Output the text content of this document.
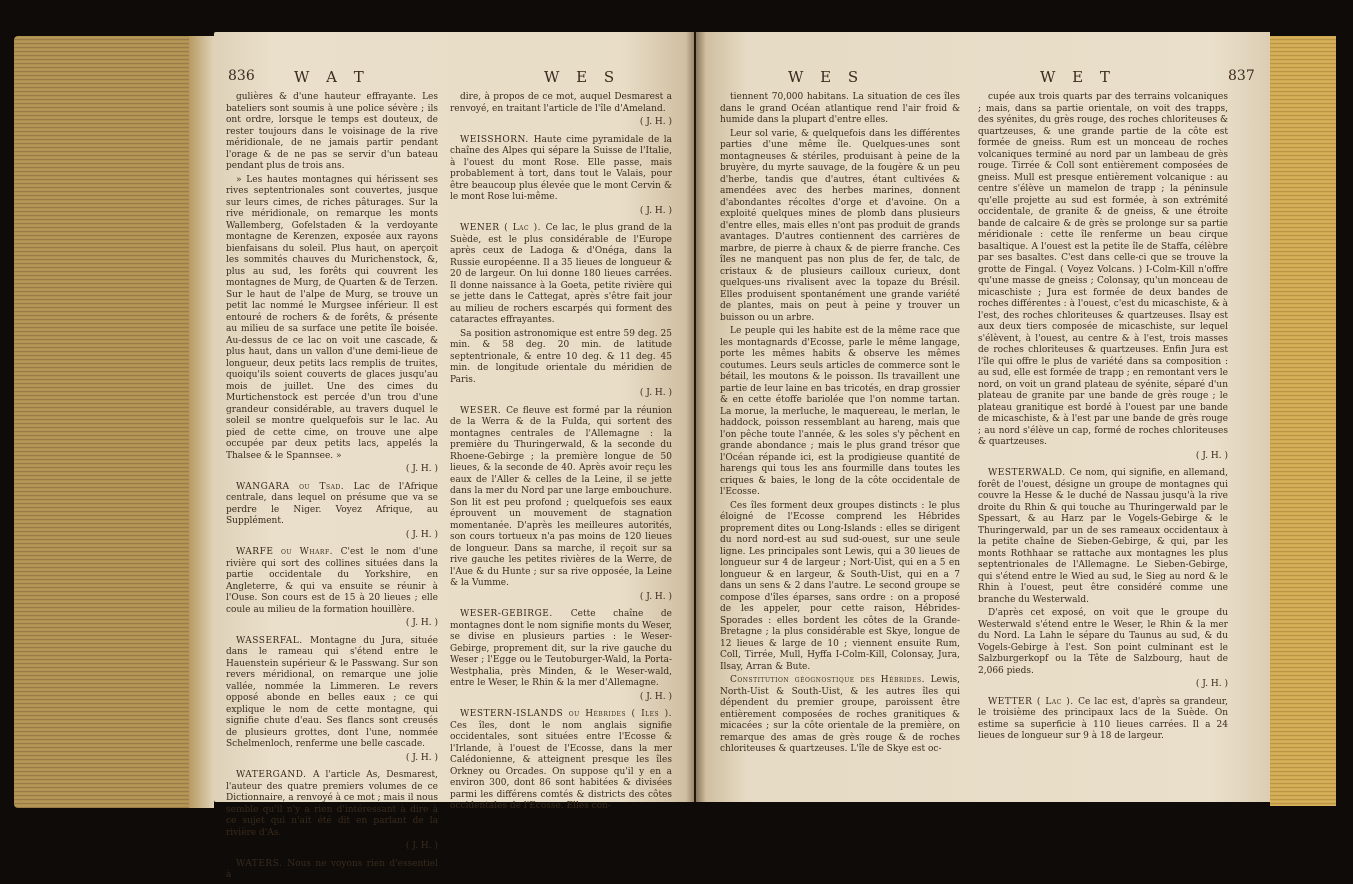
836	W A T	W E S

gulières & d'une hauteur effrayante. Les bateliers sont soumis à une police sévère ; ils ont ordre, lorsque le temps est douteux, de rester toujours dans le voisinage de la rive méridionale, de ne jamais partir pendant l'orage & de ne pas se servir d'un bateau pendant plus de trois ans.

» Les hautes montagnes qui hérissent ses rives septentrionales sont couvertes, jusque sur leurs cimes, de riches pâturages. Sur la rive méridionale, on remarque les monts Wallemberg, Gofelstaden & la verdoyante montagne de Kerenzen, exposée aux rayons bienfaisans du soleil. Plus haut, on aperçoit les sommités chauves du Murichenstock, &, plus au sud, les forêts qui couvrent les montagnes de Murg, de Quarten & de Terzen. Sur le haut de l'alpe de Murg, se trouve un petit lac nommé le Murgsee inférieur. Il est entouré de rochers & de forêts, & présente au milieu de sa surface une petite île boisée. Au-dessus de ce lac on voit une cascade, & plus haut, dans un vallon d'une demi-lieue de longueur, deux petits lacs remplis de truites, quoiqu'ils soient couverts de glaces jusqu'au mois de juillet. Une des cimes du Murtichenstock est percée d'un trou d'une grandeur considérable, au travers duquel le soleil se montre quelquefois sur le lac. Au pied de cette cime, on trouve une alpe occupée par deux petits lacs, appelés la Thalsee & le Spannsee. »

( J. H. )

WANGARA ou Tsad. Lac de l'Afrique centrale, dans lequel on présume que va se perdre le Niger. Voyez Afrique, au Supplément.

( J. H. )

WARFE ou Wharf. C'est le nom d'une rivière qui sort des collines situées dans la partie occidentale du Yorkshire, en Angleterre, & qui va ensuite se réunir à l'Ouse. Son cours est de 15 à 20 lieues ; elle coule au milieu de la formation houillère.

( J. H. )

WASSERFAL. Montagne du Jura, située dans le rameau qui s'étend entre le Hauenstein supérieur & le Passwang. Sur son revers méridional, on remarque une jolie vallée, nommée la Limmeren. Le revers opposé abonde en belles eaux ; ce qui explique le nom de cette montagne, qui signifie chute d'eau. Ses flancs sont creusés de plusieurs grottes, dont l'une, nommée Schelmenloch, renferme une belle cascade.

( J. H. )

WATERGAND. A l'article As, Desmarest, l'auteur des quatre premiers volumes de ce Dictionnaire, a renvoyé à ce mot ; mais il nous semble qu'il n'y a rien d'intéressant à dire à ce sujet qui n'ait été dit en parlant de la rivière d'As.

( J. H. )

WATERS. Nous ne voyons rien d'essentiel à

dire, à propos de ce mot, auquel Desmarest a renvoyé, en traitant l'article de l'île d'Ameland.

( J. H. )

WEISSHORN. Haute cime pyramidale de la chaîne des Alpes qui sépare la Suisse de l'Italie, à l'ouest du mont Rose. Elle passe, mais probablement à tort, dans tout le Valais, pour être beaucoup plus élevée que le mont Cervin & le mont Rose lui-même.

( J. H. )

WENER ( Lac ). Ce lac, le plus grand de la Suède, est le plus considérable de l'Europe après ceux de Ladoga & d'Onéga, dans la Russie européenne. Il a 35 lieues de longueur & 20 de largeur. On lui donne 180 lieues carrées. Il donne naissance à la Goeta, petite rivière qui se jette dans le Cattegat, après s'être fait jour au milieu de rochers escarpés qui forment des cataractes effrayantes.

Sa position astronomique est entre 59 deg. 25 min. & 58 deg. 20 min. de latitude septentrionale, & entre 10 deg. & 11 deg. 45 min. de longitude orientale du méridien de Paris.

( J. H. )

WESER. Ce fleuve est formé par la réunion de la Werra & de la Fulda, qui sortent des montagnes centrales de l'Allemagne : la première du Thuringerwald, & la seconde du Rhoene-Gebirge ; la première longue de 50 lieues, & la seconde de 40. Après avoir reçu les eaux de l'Aller & celles de la Leine, il se jette dans la mer du Nord par une large embouchure. Son lit est peu profond ; quelquefois ses eaux éprouvent un mouvement de stagnation momentanée. D'après les meilleures autorités, son cours tortueux n'a pas moins de 120 lieues de longueur. Dans sa marche, il reçoit sur sa rive gauche les petites rivières de la Werre, de l'Aue & du Hunte ; sur sa rive opposée, la Leine & la Vumme.

( J. H. )

WESER-GEBIRGE. Cette chaîne de montagnes dont le nom signifie monts du Weser, se divise en plusieurs parties : le Weser-Gebirge, proprement dit, sur la rive gauche du Weser ; l'Egge ou le Teutoburger-Wald, la Porta-Westphalia, près Minden, & le Weser-wald, entre le Weser, le Rhin & la mer d'Allemagne.

( J. H. )

WESTERN-ISLANDS ou Hébrides ( Iles ). Ces îles, dont le nom anglais signifie occidentales, sont situées entre l'Ecosse & l'Irlande, à l'ouest de l'Ecosse, dans la mer Calédonienne, & atteignent presque les îles Orkney ou Orcades. On suppose qu'il y en a environ 300, dont 86 sont habitées & divisées parmi les différens comtés & districts des côtes occidentales de l'Ecosse. Elles con-

W E S	W E T	837

tiennent 70,000 habitans. La situation de ces îles dans le grand Océan atlantique rend l'air froid & humide dans la plupart d'entre elles.

Leur sol varie, & quelquefois dans les différentes parties d'une même île. Quelques-unes sont montagneuses & stériles, produisant à peine de la bruyère, du myrte sauvage, de la fougère & un peu d'herbe, tandis que d'autres, étant cultivées & amendées avec des herbes marines, donnent d'abondantes récoltes d'orge et d'avoine. On a exploité quelques mines de plomb dans plusieurs d'entre elles, mais elles n'ont pas produit de grands avantages. D'autres contiennent des carrières de marbre, de pierre à chaux & de pierre franche. Ces îles ne manquent pas non plus de fer, de talc, de cristaux & de plusieurs cailloux curieux, dont quelques-uns rivalisent avec la topaze du Brésil. Elles produisent spontanément une grande variété de plantes, mais on peut à peine y trouver un buisson ou un arbre.

Le peuple qui les habite est de la même race que les montagnards d'Ecosse, parle le même langage, porte les mêmes habits & observe les mêmes coutumes. Leurs seuls articles de commerce sont le bétail, les moutons & le poisson. Ils travaillent une partie de leur laine en bas tricotés, en drap grossier & en cette étoffe bariolée que l'on nomme tartan. La morue, la merluche, le maquereau, le merlan, le haddock, poisson ressemblant au hareng, mais que l'on pêche toute l'année, & les soles s'y pêchent en grande abondance ; mais le plus grand trésor que l'Océan répande ici, est la prodigieuse quantité de harengs qui tous les ans fourmille dans toutes les criques & baies, le long de la côte occidentale de l'Ecosse.

Ces îles forment deux groupes distincts : le plus éloigné de l'Ecosse comprend les Hébrides proprement dites ou Long-Islands : elles se dirigent du nord nord-est au sud sud-ouest, sur une seule ligne. Les principales sont Lewis, qui a 30 lieues de longueur sur 4 de largeur ; Nort-Uist, qui en a 5 en longueur & en largeur, & South-Uist, qui en a 7 dans un sens & 2 dans l'autre. Le second groupe se compose d'îles éparses, sans ordre : on a proposé de les appeler, pour cette raison, Hébrides-Sporades : elles bordent les côtes de la Grande-Bretagne ; la plus considérable est Skye, longue de 12 lieues & large de 10 ; viennent ensuite Rum, Coll, Tirrée, Mull, Hyffa I-Colm-Kill, Colonsay, Jura, Ilsay, Arran & Bute.

Constitution géognostique des Hébrides. Lewis, North-Uist & South-Uist, & les autres îles qui dépendent du premier groupe, paroissent être entièrement composées de roches granitiques & micacées ; sur la côte orientale de la première, on remarque des amas de grès rouge & de roches chloriteuses & quartzeuses. L'île de Skye est oc-

cupée aux trois quarts par des terrains volcaniques ; mais, dans sa partie orientale, on voit des trapps, des syénites, du grès rouge, des roches chloriteuses & quartzeuses, & une grande partie de la côte est formée de gneiss. Rum est un monceau de roches volcaniques terminé au nord par un lambeau de grès rouge. Tirrée & Coll sont entièrement composées de gneiss. Mull est presque entièrement volcanique : au centre s'élève un mamelon de trapp ; la péninsule qu'elle projette au sud est formée, à son extrémité occidentale, de granite & de gneiss, & une étroite bande de calcaire & de grès se prolonge sur sa partie méridionale : cette île renferme un beau cirque basaltique. A l'ouest est la petite île de Staffa, célèbre par ses basaltes. C'est dans celle-ci que se trouve la grotte de Fingal. ( Voyez Volcans. ) I-Colm-Kill n'offre qu'une masse de gneiss ; Colonsay, qu'un monceau de micaschiste ; Jura est formée de deux bandes de roches différentes : à l'ouest, c'est du micaschiste, & à l'est, des roches chloriteuses & quartzeuses. Ilsay est aux deux tiers composée de micaschiste, sur lequel s'élèvent, à l'ouest, au centre & à l'est, trois masses de roches chloriteuses & quartzeuses. Enfin Jura est l'île qui offre le plus de variété dans sa composition : au sud, elle est formée de trapp ; en remontant vers le nord, on voit un grand plateau de syénite, séparé d'un plateau de granite par une bande de grès rouge ; le plateau granitique est bordé à l'ouest par une bande de micaschiste, & à l'est par une bande de grès rouge ; au nord s'élève un cap, formé de roches chloriteuses & quartzeuses.

( J. H. )

WESTERWALD. Ce nom, qui signifie, en allemand, forêt de l'ouest, désigne un groupe de montagnes qui couvre la Hesse & le duché de Nassau jusqu'à la rive droite du Rhin & qui touche au Thuringerwald par le Spessart, & au Harz par le Vogels-Gebirge & le Thuringerwald, par un de ses rameaux occidentaux à la petite chaîne de Sieben-Gebirge, & qui, par les monts Rothhaar se rattache aux montagnes les plus septentrionales de l'Allemagne. Le Sieben-Gebirge, qui s'étend entre le Wied au sud, le Sieg au nord & le Rhin à l'ouest, peut être considéré comme une branche du Westerwald.

D'après cet exposé, on voit que le groupe du Westerwald s'étend entre le Weser, le Rhin & la mer du Nord. La Lahn le sépare du Taunus au sud, & du Vogels-Gebirge à l'est. Son point culminant est le Salzburgerkopf ou la Tête de Salzbourg, haut de 2,066 pieds.

( J. H. )

WETTER ( Lac ). Ce lac est, d'après sa grandeur, le troisième des principaux lacs de la Suède. On estime sa superficie à 110 lieues carrées. Il a 24 lieues de longueur sur 9 à 18 de largeur.
